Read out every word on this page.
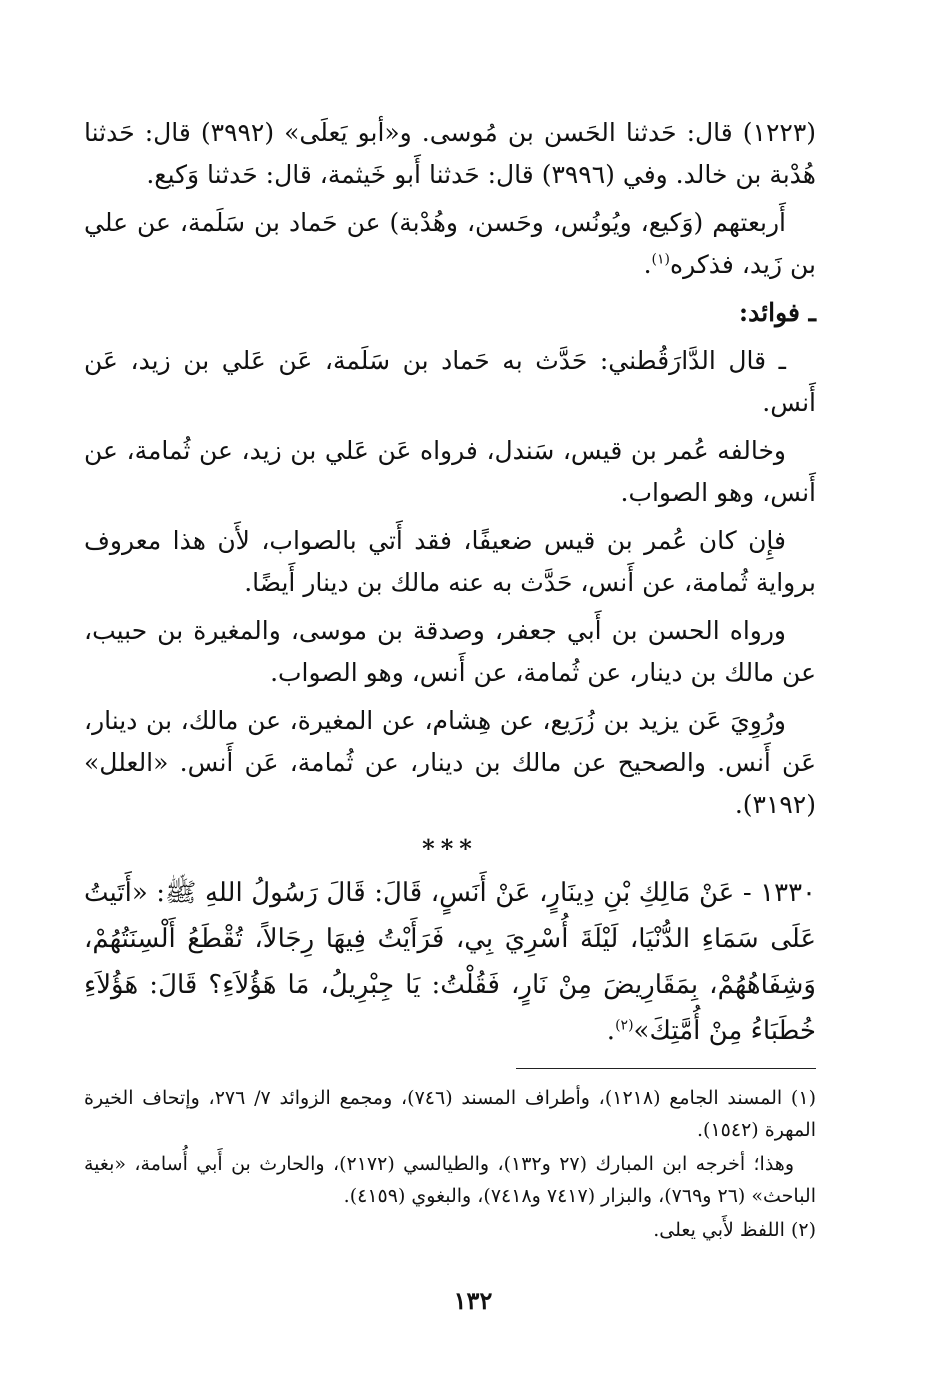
(١٢٢٣) قال: حَدثنا الحَسن بن مُوسى. و«أبو يَعلَى» (٣٩٩٢) قال: حَدثنا هُدْبة بن خالد. وفي (٣٩٩٦) قال: حَدثنا أَبو خَيثمة، قال: حَدثنا وَكيع.

أَربعتهم (وَكيع، ويُونُس، وحَسن، وهُدْبة) عن حَماد بن سَلَمة، عن علي بن زَيد، فذكره$^{(١)}$.

ـ فوائد:

ـ قال الدَّارَقُطني: حَدَّث به حَماد بن سَلَمة، عَن عَلي بن زيد، عَن أَنس.

وخالفه عُمر بن قيس، سَندل، فرواه عَن عَلي بن زيد، عن ثُمامة، عن أَنس، وهو الصواب.

فإِن كان عُمر بن قيس ضعيفًا، فقد أَتي بالصواب، لأَن هذا معروف برواية ثُمامة، عن أَنس، حَدَّث به عنه مالك بن دينار أَيضًا.

ورواه الحسن بن أَبي جعفر، وصدقة بن موسى، والمغيرة بن حبيب، عن مالك بن دينار، عن ثُمامة، عن أَنس، وهو الصواب.

ورُوِيَ عَن يزيد بن زُرَيع، عن هِشام، عن المغيرة، عن مالك، بن دينار، عَن أَنس. والصحيح عن مالك بن دينار، عن ثُمامة، عَن أَنس. «العلل» (٣١٩٢).

***

١٣٣٠ - عَنْ مَالِكِ بْنِ دِينَارٍ، عَنْ أَنَسٍ، قَالَ: قَالَ رَسُولُ اللهِ ﷺ: «أَتَيتُ عَلَى سَمَاءِ الدُّنْيَا، لَيْلَةَ أُسْرِيَ بِي، فَرَأَيْتُ فِيهَا رِجَالاً، تُقْطَعُ أَلْسِنَتُهُمْ، وَشِفَاهُهُمْ، بِمَقَارِيضَ مِنْ نَارٍ، فَقُلْتُ: يَا جِبْرِيلُ، مَا هَؤُلاَءِ؟ قَالَ: هَؤُلاَءِ خُطَبَاءُ مِنْ أُمَّتِكَ»$^{(٢)}$.

(١) المسند الجامع (١٢١٨)، وأطراف المسند (٧٤٦)، ومجمع الزوائد ٧/ ٢٧٦، وإتحاف الخيرة المهرة (١٥٤٢).

وهذا؛ أخرجه ابن المبارك (٢٧ و١٣٢)، والطيالسي (٢١٧٢)، والحارث بن أَبي أُسامة، «بغية الباحث» (٢٦ و٧٦٩)، والبزار (٧٤١٧ و٧٤١٨)، والبغوي (٤١٥٩).

(٢) اللفظ لأَبي يعلى.

١٣٢
